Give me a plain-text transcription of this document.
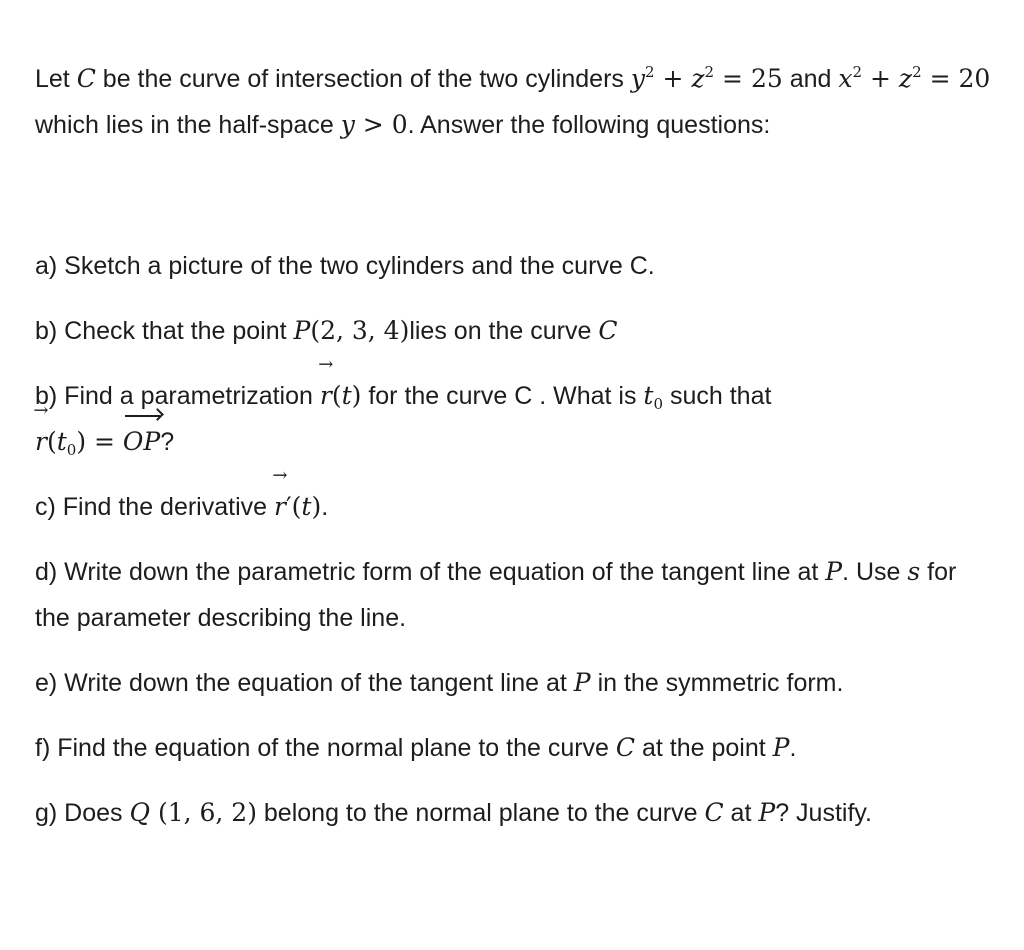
Let C be the curve of intersection of the two cylinders $y^2 + z^2 = 25$ and $x^2 + z^2 = 20$ which lies in the half-space y > 0. Answer the following questions:

a) Sketch a picture of the two cylinders and the curve C.

b) Check that the point P(2, 3, 4)lies on the curve C

b) Find a parametrization → r(t) for the curve C . What is $t_0$ such that
→ $r(t_0)$ = OP?

c) Find the derivative → r′(t).

d) Write down the parametric form of the equation of the tangent line at P. Use s for the parameter describing the line.

e) Write down the equation of the tangent line at P in the symmetric form.

f) Find the equation of the normal plane to the curve C at the point P.

g) Does Q (1, 6, 2) belong to the normal plane to the curve C at P? Justify.
